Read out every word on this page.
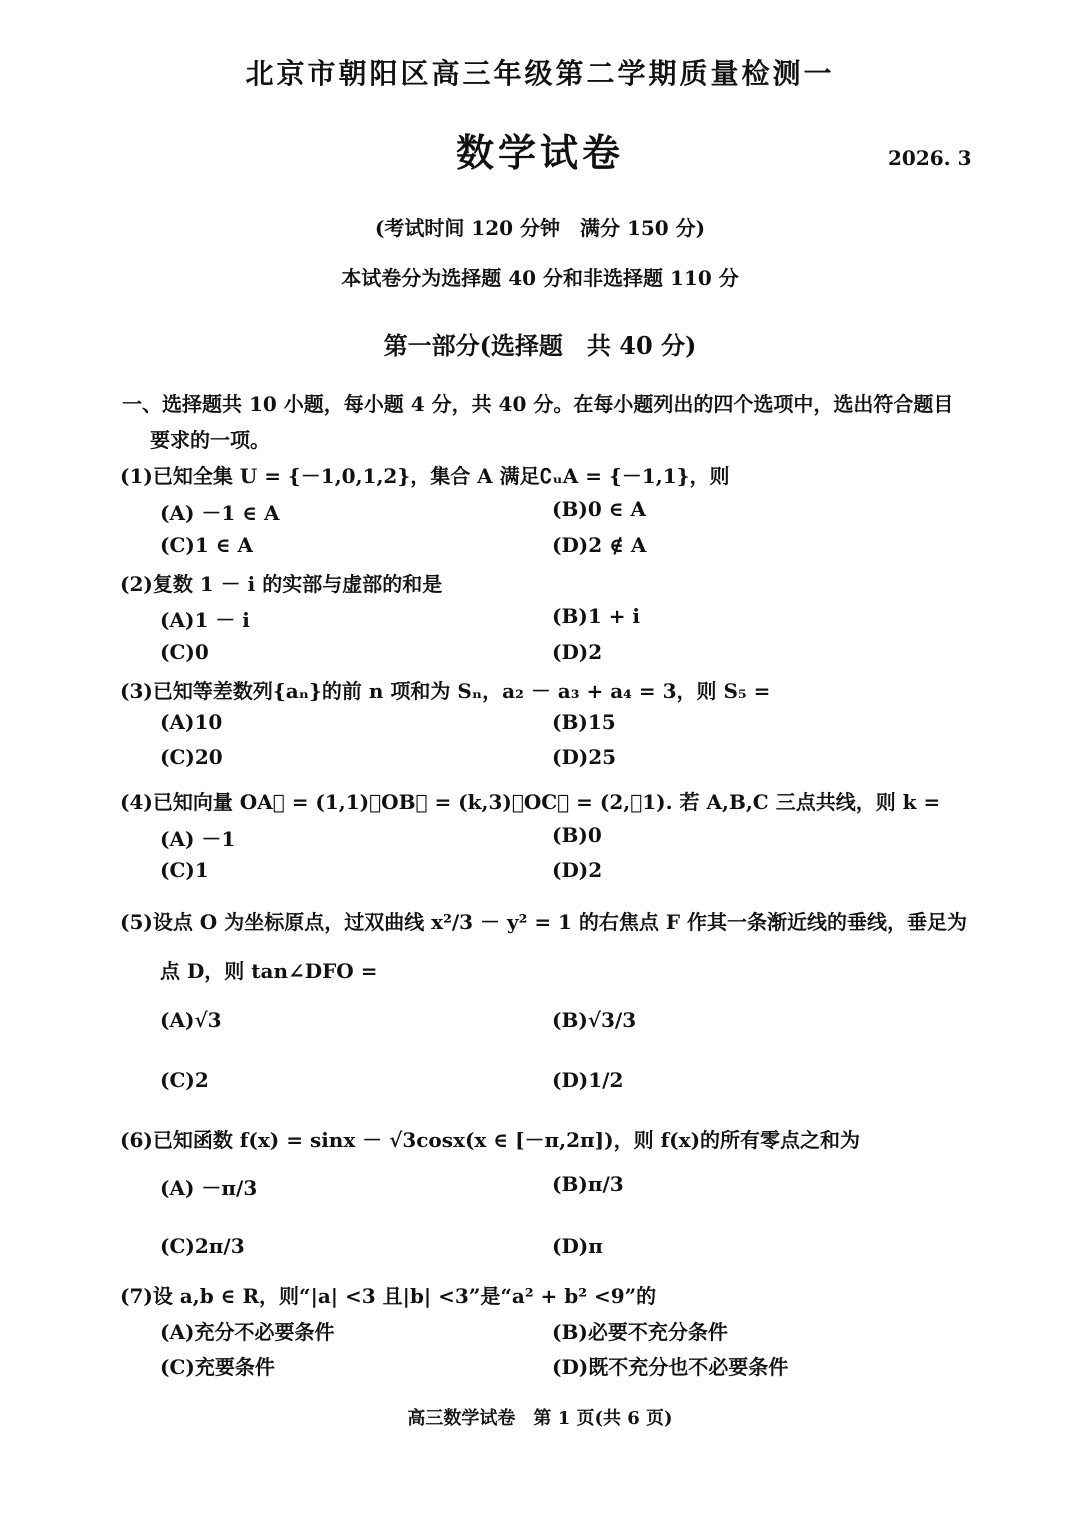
北京市朝阳区高三年级第二学期质量检测一
数学试卷	2026. 3
(考试时间 120 分钟　满分 150 分)
本试卷分为选择题 40 分和非选择题 110 分
第一部分(选择题　共 40 分)
一、选择题共 10 小题，每小题 4 分，共 40 分。在每小题列出的四个选项中，选出符合题目
要求的一项。
(1)已知全集 U = {－1,0,1,2}，集合 A 满足∁ᵤA = {－1,1}，则
(A) －1 ∈ A	(B)0 ∈ A
(C)1 ∈ A	(D)2 ∉ A
(2)复数 1 － i 的实部与虚部的和是
(A)1 － i	(B)1 + i
(C)0	(D)2
(3)已知等差数列{aₙ}的前 n 项和为 Sₙ，a₂ － a₃ + a₄ = 3，则 S₅ =
(A)10	(B)15
(C)20	(D)25
(4)已知向量 OA⃗ = (1,1)，OB⃗ = (k,3)，OC⃗ = (2,－1). 若 A,B,C 三点共线，则 k =
(A) －1	(B)0
(C)1	(D)2
(5)设点 O 为坐标原点，过双曲线 x²/3 － y² = 1 的右焦点 F 作其一条渐近线的垂线，垂足为
点 D，则 tan∠DFO =
(A)√3	(B)√3/3
(C)2	(D)1/2
(6)已知函数 f(x) = sinx － √3cosx(x ∈ [－π,2π])，则 f(x)的所有零点之和为
(A) －π/3	(B)π/3
(C)2π/3	(D)π
(7)设 a,b ∈ R，则“|a| <3 且|b| <3”是“a² + b² <9”的
(A)充分不必要条件	(B)必要不充分条件
(C)充要条件	(D)既不充分也不必要条件
高三数学试卷　第 1 页(共 6 页)
